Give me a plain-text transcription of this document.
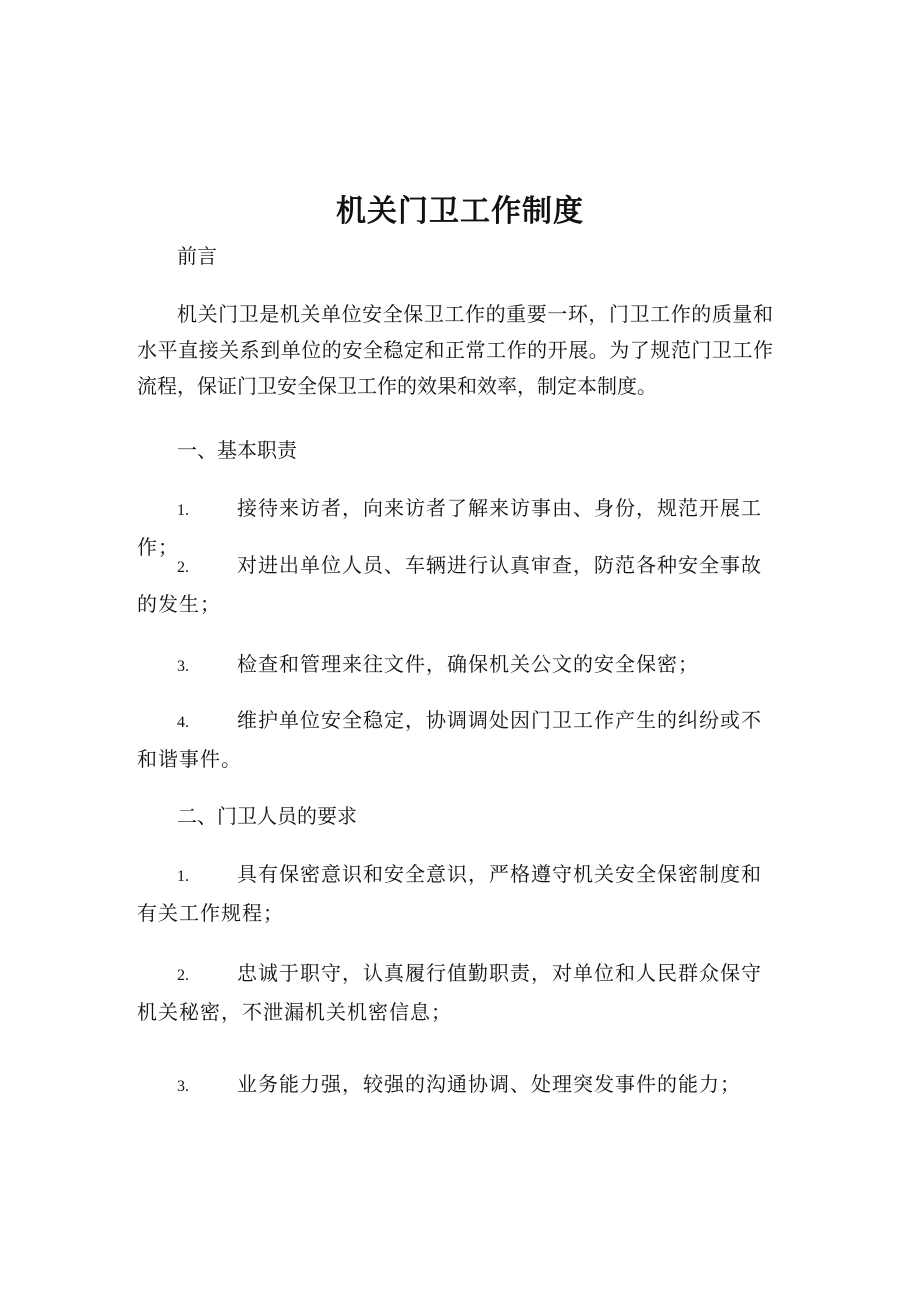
机关门卫工作制度
前言
机关门卫是机关单位安全保卫工作的重要一环，门卫工作的质量和水平直接关系到单位的安全稳定和正常工作的开展。为了规范门卫工作流程，保证门卫安全保卫工作的效果和效率，制定本制度。
一、基本职责
1. 接待来访者，向来访者了解来访事由、身份，规范开展工作；
2. 对进出单位人员、车辆进行认真审查，防范各种安全事故的发生；
3. 检查和管理来往文件，确保机关公文的安全保密；
4. 维护单位安全稳定，协调调处因门卫工作产生的纠纷或不和谐事件。
二、门卫人员的要求
1. 具有保密意识和安全意识，严格遵守机关安全保密制度和有关工作规程；
2. 忠诚于职守，认真履行值勤职责，对单位和人民群众保守机关秘密，不泄漏机关机密信息；
3. 业务能力强，较强的沟通协调、处理突发事件的能力；
